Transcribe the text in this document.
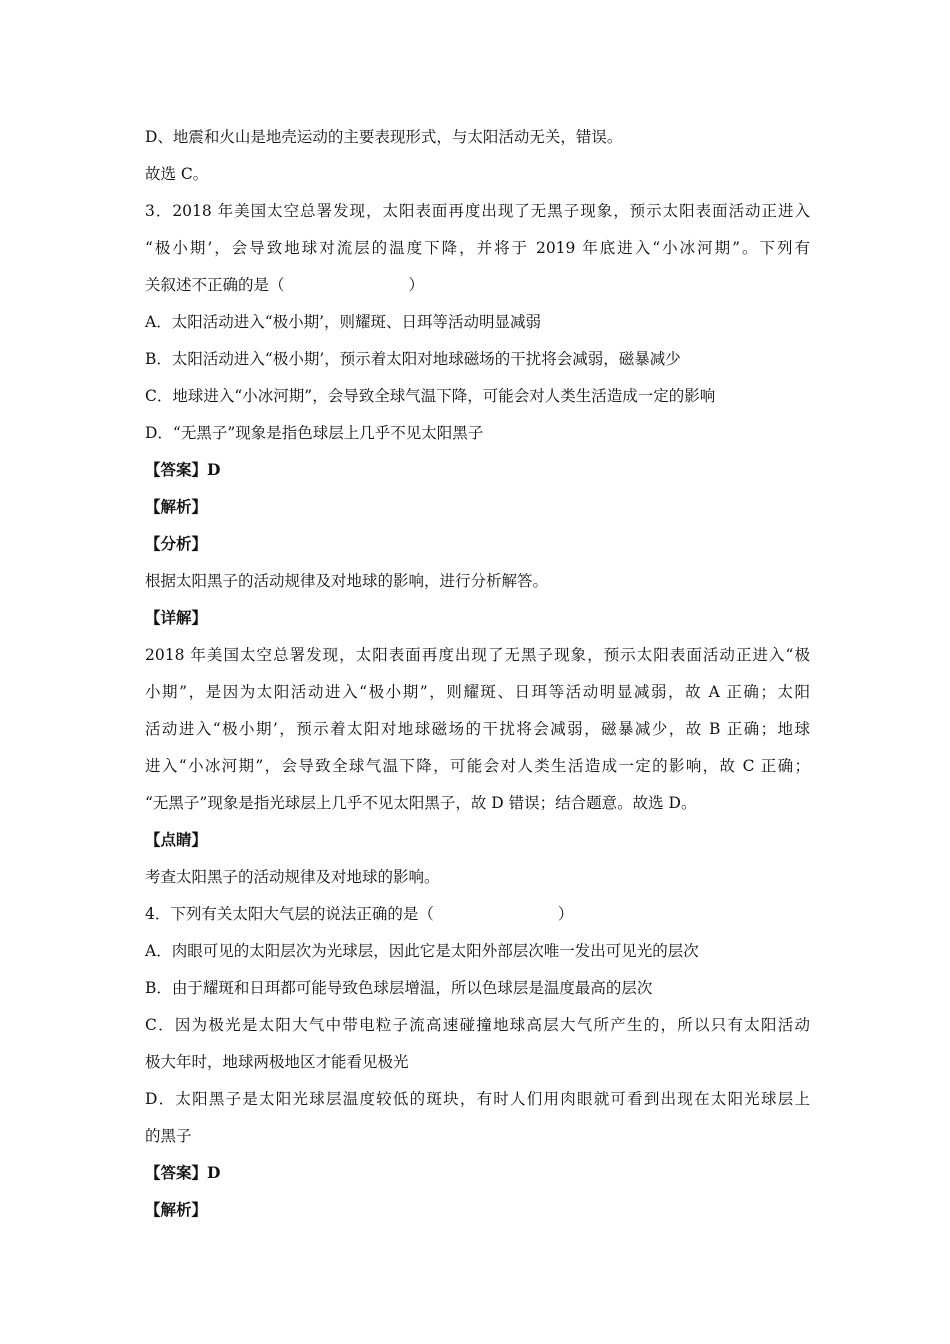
D、地震和火山是地壳运动的主要表现形式，与太阳活动无关，错误。
故选 C。
3．2018 年美国太空总署发现，太阳表面再度出现了无黑子现象，预示太阳表面活动正进入
“极小期’，会导致地球对流层的温度下降，并将于 2019 年底进入“小冰河期”。下列有
关叙述不正确的是（　　　　　　　　）
A．太阳活动进入“极小期’，则耀斑、日珥等活动明显减弱
B．太阳活动进入“极小期’，预示着太阳对地球磁场的干扰将会减弱，磁暴减少
C．地球进入“小冰河期”，会导致全球气温下降，可能会对人类生活造成一定的影响
D．“无黑子”现象是指色球层上几乎不见太阳黑子
【答案】D
【解析】
【分析】
根据太阳黑子的活动规律及对地球的影响，进行分析解答。
【详解】
2018 年美国太空总署发现，太阳表面再度出现了无黑子现象，预示太阳表面活动正进入“极
小期”，是因为太阳活动进入“极小期”，则耀斑、日珥等活动明显减弱，故 A 正确；太阳
活动进入“极小期’，预示着太阳对地球磁场的干扰将会减弱，磁暴减少，故 B 正确；地球
进入“小冰河期”，会导致全球气温下降，可能会对人类生活造成一定的影响，故 C 正确；
“无黑子”现象是指光球层上几乎不见太阳黑子，故 D 错误；结合题意。故选 D。
【点睛】
考查太阳黑子的活动规律及对地球的影响。
4．下列有关太阳大气层的说法正确的是（　　　　　　　　）
A．肉眼可见的太阳层次为光球层，因此它是太阳外部层次唯一发出可见光的层次
B．由于耀斑和日珥都可能导致色球层增温，所以色球层是温度最高的层次
C．因为极光是太阳大气中带电粒子流高速碰撞地球高层大气所产生的，所以只有太阳活动
极大年时，地球两极地区才能看见极光
D．太阳黑子是太阳光球层温度较低的斑块，有时人们用肉眼就可看到出现在太阳光球层上
的黑子
【答案】D
【解析】
